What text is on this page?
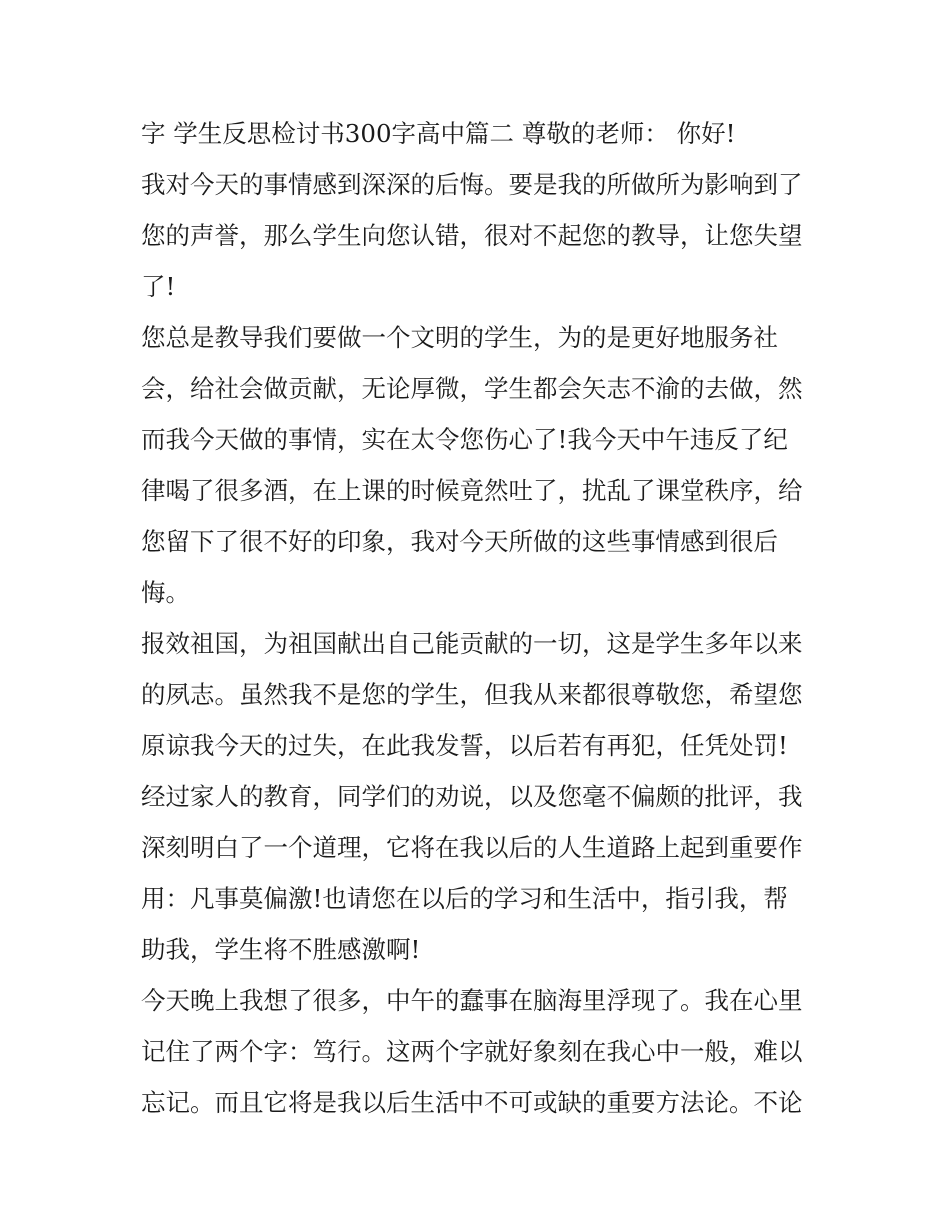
字 学生反思检讨书300字高中篇二 尊敬的老师： 你好!
我对今天的事情感到深深的后悔。要是我的所做所为影响到了
您的声誉，那么学生向您认错，很对不起您的教导，让您失望
了!
您总是教导我们要做一个文明的学生，为的是更好地服务社
会，给社会做贡献，无论厚微，学生都会矢志不渝的去做，然
而我今天做的事情，实在太令您伤心了!我今天中午违反了纪
律喝了很多酒，在上课的时候竟然吐了，扰乱了课堂秩序，给
您留下了很不好的印象，我对今天所做的这些事情感到很后
悔。
报效祖国，为祖国献出自己能贡献的一切，这是学生多年以来
的夙志。虽然我不是您的学生，但我从来都很尊敬您，希望您
原谅我今天的过失，在此我发誓，以后若有再犯，任凭处罚!
经过家人的教育，同学们的劝说，以及您毫不偏颇的批评，我
深刻明白了一个道理，它将在我以后的人生道路上起到重要作
用：凡事莫偏激!也请您在以后的学习和生活中，指引我，帮
助我，学生将不胜感激啊!
今天晚上我想了很多，中午的蠢事在脑海里浮现了。我在心里
记住了两个字：笃行。这两个字就好象刻在我心中一般，难以
忘记。而且它将是我以后生活中不可或缺的重要方法论。不论
